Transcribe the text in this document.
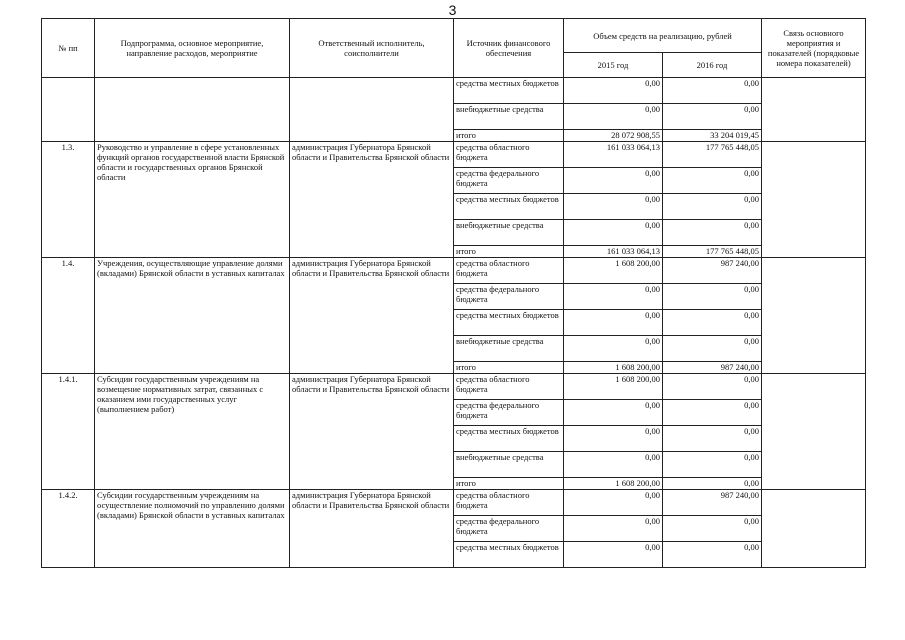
3
№ пп	Подпрограмма, основное мероприятие, направление расходов, мероприятие	Ответственный исполнитель, соисполнители	Источник финансового обеспечения	Объем средств на реализацию, рублей		Связь основного мероприятия и показателей (порядковые номера показателей)
				2015 год	2016 год	
			средства местных бюджетов	0,00	0,00	
			внебюджетные средства	0,00	0,00	
			итого	28 072 908,55	33 204 019,45	
1.3.	Руководство и управление в сфере установленных функций органов государственной власти Брянской области и государственных органов Брянской области	администрация Губернатора Брянской области и Правительства Брянской области	средства областного бюджета	161 033 064,13	177 765 448,05	
			средства федерального бюджета	0,00	0,00	
			средства местных бюджетов	0,00	0,00	
			внебюджетные средства	0,00	0,00	
			итого	161 033 064,13	177 765 448,05	
1.4.	Учреждения, осуществляющие управление долями (вкладами) Брянской области в уставных капиталах	администрация Губернатора Брянской области и Правительства Брянской области	средства областного бюджета	1 608 200,00	987 240,00	
			средства федерального бюджета	0,00	0,00	
			средства местных бюджетов	0,00	0,00	
			внебюджетные средства	0,00	0,00	
			итого	1 608 200,00	987 240,00	
1.4.1.	Субсидии государственным учреждениям на возмещение нормативных затрат, связанных с оказанием ими государственных услуг (выполнением работ)	администрация Губернатора Брянской области и Правительства Брянской области	средства областного бюджета	1 608 200,00	0,00	
			средства федерального бюджета	0,00	0,00	
			средства местных бюджетов	0,00	0,00	
			внебюджетные средства	0,00	0,00	
			итого	1 608 200,00	0,00	
1.4.2.	Субсидии государственным учреждениям на осуществление полномочий по управлению долями (вкладами) Брянской области в уставных капиталах	администрация Губернатора Брянской области и Правительства Брянской области	средства областного бюджета	0,00	987 240,00	
			средства федерального бюджета	0,00	0,00	
			средства местных бюджетов	0,00	0,00	
